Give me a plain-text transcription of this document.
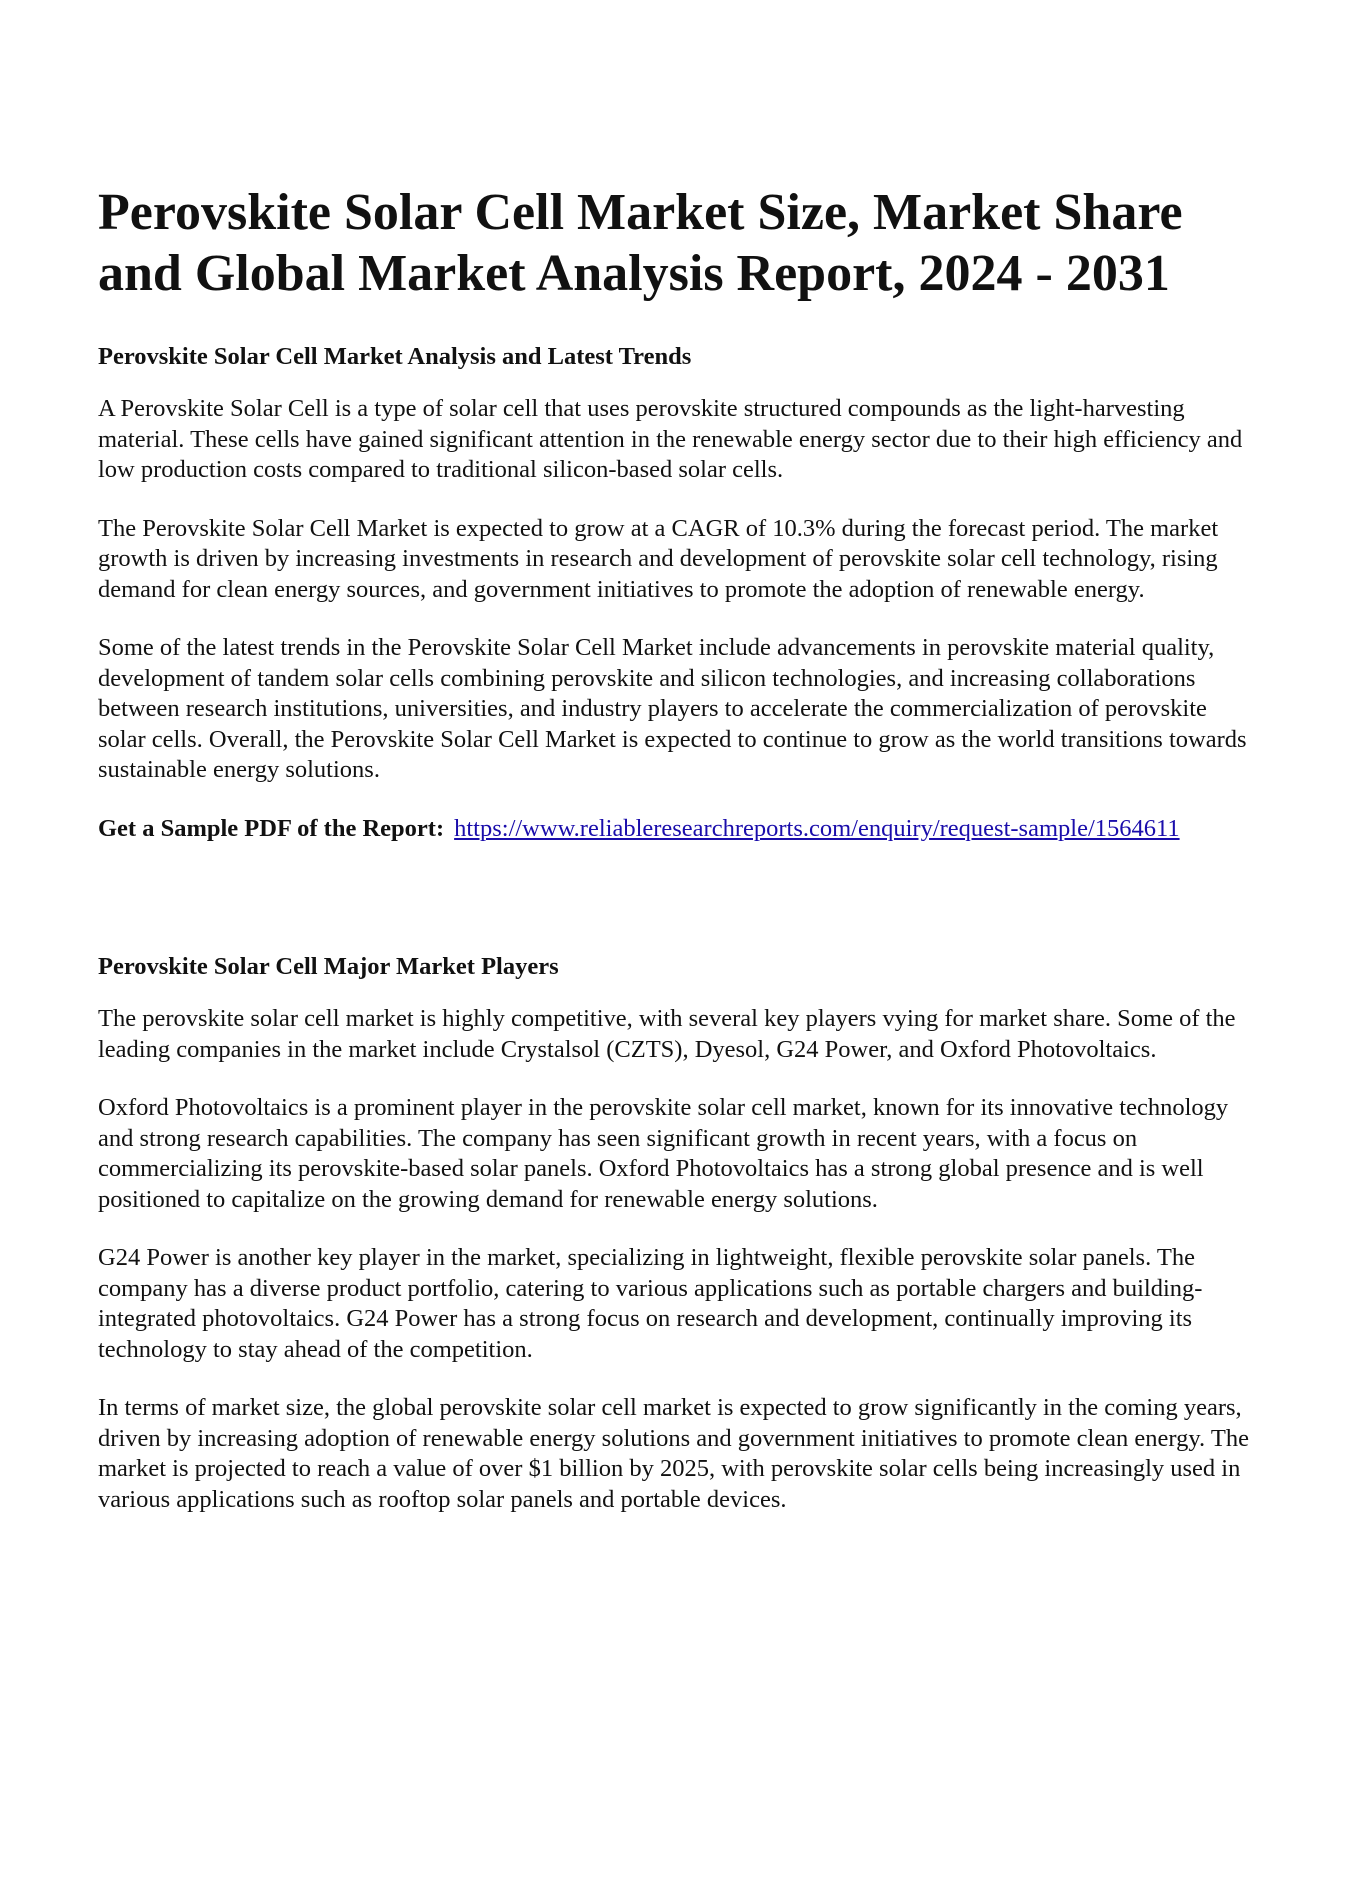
Perovskite Solar Cell Market Size, Market Share and Global Market Analysis Report, 2024 - 2031
Perovskite Solar Cell Market Analysis and Latest Trends

A Perovskite Solar Cell is a type of solar cell that uses perovskite structured compounds as the light-harvesting material. These cells have gained significant attention in the renewable energy sector due to their high efficiency and low production costs compared to traditional silicon-based solar cells.

The Perovskite Solar Cell Market is expected to grow at a CAGR of 10.3% during the forecast period. The market growth is driven by increasing investments in research and development of perovskite solar cell technology, rising demand for clean energy sources, and government initiatives to promote the adoption of renewable energy.

Some of the latest trends in the Perovskite Solar Cell Market include advancements in perovskite material quality, development of tandem solar cells combining perovskite and silicon technologies, and increasing collaborations between research institutions, universities, and industry players to accelerate the commercialization of perovskite solar cells. Overall, the Perovskite Solar Cell Market is expected to continue to grow as the world transitions towards sustainable energy solutions.

Get a Sample PDF of the Report: https://www.reliableresearchreports.com/enquiry/request-sample/1564611

Perovskite Solar Cell Major Market Players

The perovskite solar cell market is highly competitive, with several key players vying for market share. Some of the leading companies in the market include Crystalsol (CZTS), Dyesol, G24 Power, and Oxford Photovoltaics.

Oxford Photovoltaics is a prominent player in the perovskite solar cell market, known for its innovative technology and strong research capabilities. The company has seen significant growth in recent years, with a focus on commercializing its perovskite-based solar panels. Oxford Photovoltaics has a strong global presence and is well positioned to capitalize on the growing demand for renewable energy solutions.

G24 Power is another key player in the market, specializing in lightweight, flexible perovskite solar panels. The company has a diverse product portfolio, catering to various applications such as portable chargers and building-integrated photovoltaics. G24 Power has a strong focus on research and development, continually improving its technology to stay ahead of the competition.

In terms of market size, the global perovskite solar cell market is expected to grow significantly in the coming years, driven by increasing adoption of renewable energy solutions and government initiatives to promote clean energy. The market is projected to reach a value of over $1 billion by 2025, with perovskite solar cells being increasingly used in various applications such as rooftop solar panels and portable devices.
